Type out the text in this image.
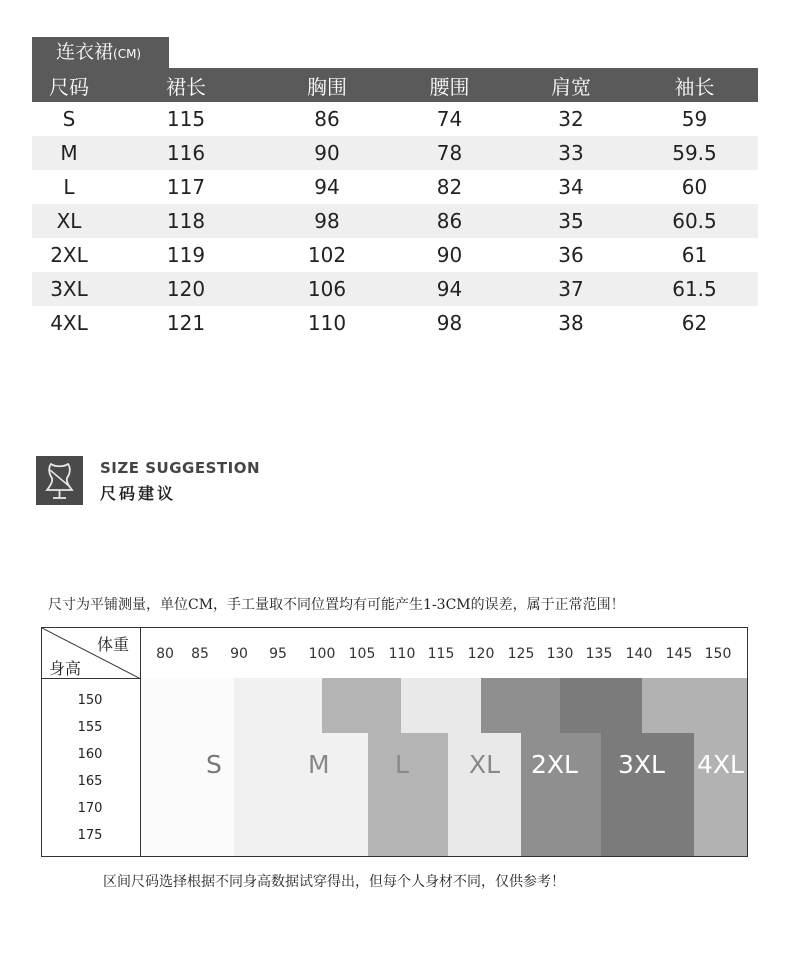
连衣裙(CM)
尺码	裙长	胸围	腰围	肩宽	袖长
S	115	86	74	32	59
M	116	90	78	33	59.5
L	117	94	82	34	60
XL	118	98	86	35	60.5
2XL	119	102	90	36	61
3XL	120	106	94	37	61.5
4XL	121	110	98	38	62
SIZE SUGGESTION
尺码建议
尺寸为平铺测量，单位CM，手工量取不同位置均有可能产生1-3CM的误差，属于正常范围！
体重
身高
80	85	90	95	100 105 110 115 120 125 130 135 140 145 150
150
155
160
165
170
175
S	M	L XL 2XL 3XL 4XL
区间尺码选择根据不同身高数据试穿得出，但每个人身材不同，仅供参考！
